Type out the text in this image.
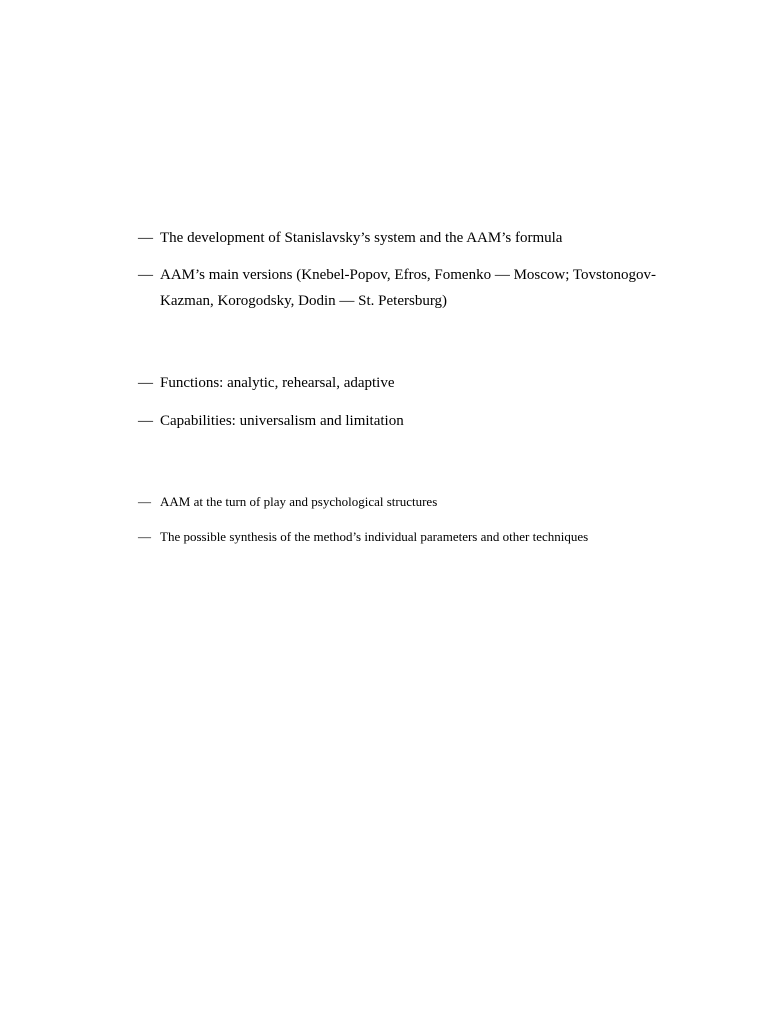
— The development of Stanislavsky’s system and the AAM’s formula
— AAM’s main versions (Knebel-Popov, Efros, Fomenko — Moscow; Tovstonogov-Kazman, Korogodsky, Dodin — St. Petersburg)
— Functions: analytic, rehearsal, adaptive
— Capabilities: universalism and limitation
— AAM at the turn of play and psychological structures
— The possible synthesis of the method’s individual parameters and other techniques
